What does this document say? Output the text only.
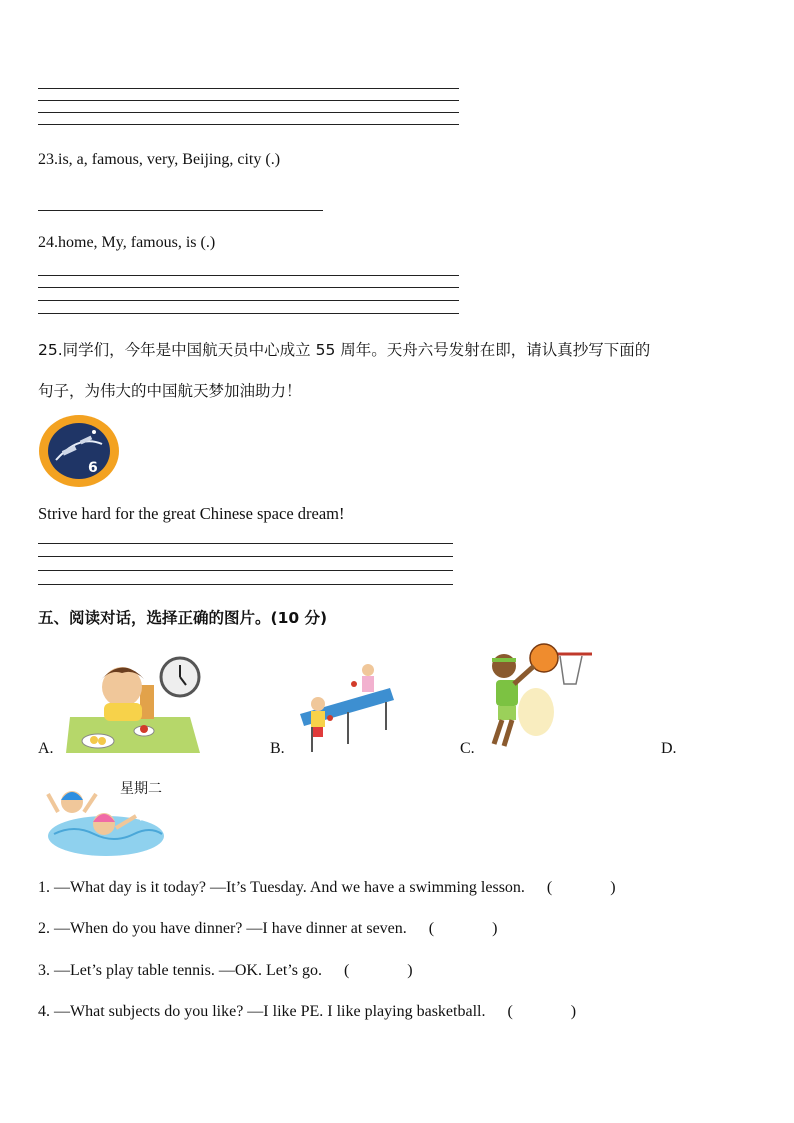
23.is, a, famous, very, Beijing, city (.)
24.home, My, famous, is (.)
25.同学们，今年是中国航天员中心成立 55 周年。天舟六号发射在即，请认真抄写下面的
句子，为伟大的中国航天梦加油助力！
6
Strive hard for the great Chinese space dream!
五、阅读对话，选择正确的图片。(10 分)
A.	B.	C.	D.
星期二
1. —What day is it today? —It’s Tuesday. And we have a swimming lesson. (	)
2. —When do you have dinner? —I have dinner at seven. (	)
3. —Let’s play table tennis. —OK. Let’s go. (	)
4. —What subjects do you like? —I like PE. I like playing basketball. (	)
